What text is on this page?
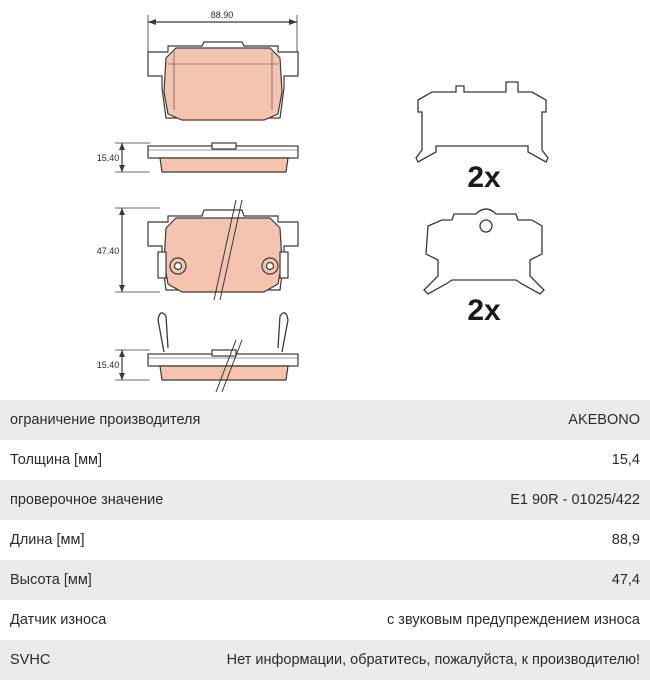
88.90
15.40
47.40
15.40
2x
2x
ограничение производителя	AKEBONO
Толщина [мм]	15,4
проверочное значение	E1 90R - 01025/422
Длина [мм]	88,9
Высота [мм]	47,4
Датчик износа	с звуковым предупреждением износа
SVHC	Нет информации, обратитесь, пожалуйста, к производителю!
